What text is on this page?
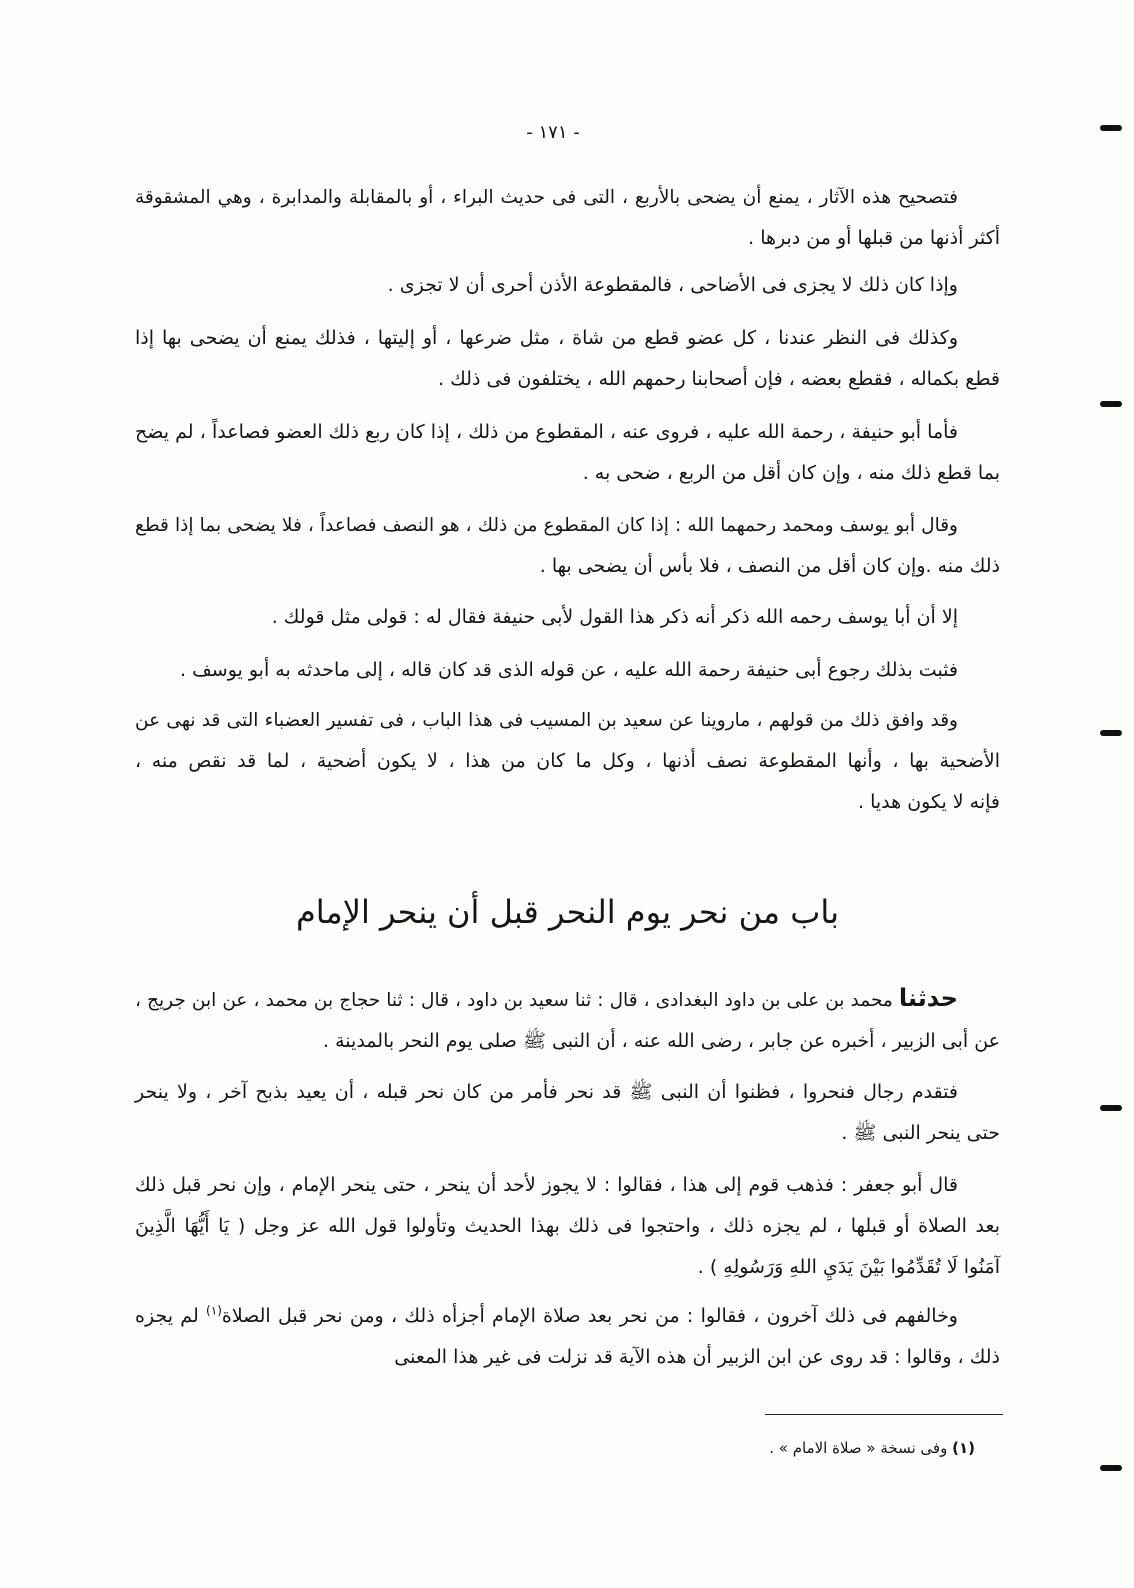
- ١٧١ -
فتصحيح هذه الآثار ، يمنع أن يضحى بالأربع ، التى فى حديث البراء ، أو بالمقابلة والمدابرة ، وهي المشقوقة
أكثر أذنها من قبلها أو من دبرها .
وإذا كان ذلك لا يجزى فى الأضاحى ، فالمقطوعة الأذن أحرى أن لا تجزى .
وكذلك فى النظر عندنا ، كل عضو قطع من شاة ، مثل ضرعها ، أو إليتها ، فذلك يمنع أن يضحى بها إذا
قطع بكماله ، فقطع بعضه ، فإن أصحابنا رحمهم الله ، يختلفون فى ذلك .
فأما أبو حنيفة ، رحمة الله عليه ، فروى عنه ، المقطوع من ذلك ، إذا كان ربع ذلك العضو فصاعداً ، لم يضح
بما قطع ذلك منه ، وإن كان أقل من الربع ، ضحى به .
وقال أبو يوسف ومحمد رحمهما الله : إذا كان المقطوع من ذلك ، هو النصف فصاعداً ، فلا يضحى بما إذا قطع
ذلك منه .وإن كان أقل من النصف ، فلا بأس أن يضحى بها .
إلا أن أبا يوسف رحمه الله ذكر أنه ذكر هذا القول لأبى حنيفة فقال له : قولى مثل قولك .
فثبت بذلك رجوع أبى حنيفة رحمة الله عليه ، عن قوله الذى قد كان قاله ، إلى ماحدثه به أبو يوسف .
وقد وافق ذلك من قولهم ، ماروينا عن سعيد بن المسيب فى هذا الباب ، فى تفسير العضباء التى قد نهى عن
الأضحية بها ، وأنها المقطوعة نصف أذنها ، وكل ما كان من هذا ، لا يكون أضحية ، لما قد نقص منه ،
فإنه لا يكون هديا .
باب من نحر يوم النحر قبل أن ينحر الإمام
حدثنا محمد بن على بن داود البغدادى ، قال : ثنا سعيد بن داود ، قال : ثنا حجاج بن محمد ، عن ابن جريج ،
عن أبى الزبير ، أخبره عن جابر ، رضى الله عنه ، أن النبى ﷺ صلى يوم النحر بالمدينة .
فتقدم رجال فنحروا ، فظنوا أن النبى ﷺ قد نحر فأمر من كان نحر قبله ، أن يعيد بذبح آخر ، ولا ينحر
حتى ينحر النبى ﷺ .
قال أبو جعفر : فذهب قوم إلى هذا ، فقالوا : لا يجوز لأحد أن ينحر ، حتى ينحر الإمام ، وإن نحر قبل ذلك
بعد الصلاة أو قبلها ، لم يجزه ذلك ، واحتجوا فى ذلك بهذا الحديث وتأولوا قول الله عز وجل ( يَا أَيُّهَا الَّذِينَ
آمَنُوا لَا تُقَدِّمُوا بَيْنَ يَدَيِ اللهِ وَرَسُولِهِ ) .
وخالفهم فى ذلك آخرون ، فقالوا : من نحر بعد صلاة الإمام أجزأه ذلك ، ومن نحر قبل الصلاة$^{(١)}$ لم يجزه
ذلك ، وقالوا : قد روى عن ابن الزبير أن هذه الآية قد نزلت فى غير هذا المعنى
(١) وفى نسخة « صلاة الامام » .
